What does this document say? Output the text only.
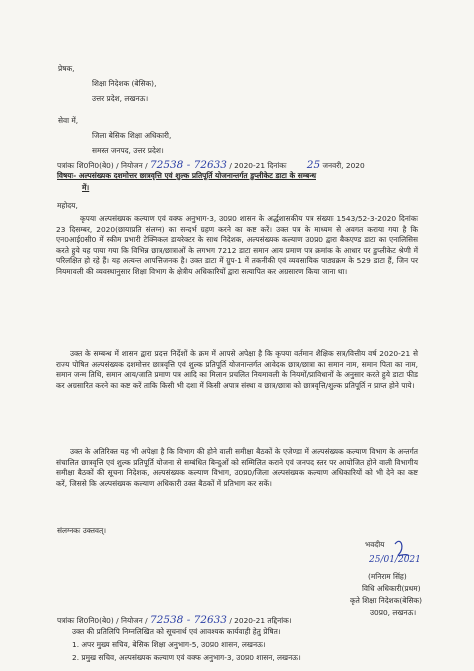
प्रेषक,
शिक्षा निदेशक (बेसिक),
उत्तर प्रदेश, लखनऊ।
सेवा में,
जिला बेसिक शिक्षा अधिकारी,
समस्त जनपद, उत्तर प्रदेश।
पत्रांकः शि0नि0(बे0) / नियोजन / 72538 - 72633 / 2020-21 दिनांकः 25 जनवरी, 2020
विषयः- अल्पसंख्यक दशमोत्तर छात्रवृत्ति एवं शुल्क प्रतिपूर्ति योजनान्तर्गत डुप्लीकेट डाटा के सम्बन्ध
में।
महोदय,
कृपया अल्पसंख्यक कल्याण एवं वक्फ अनुभाग-3, उ0प्र0 शासन के अर्द्धशासकीय पत्र संख्याः 1543/52-3-2020 दिनांकः 23 दिसम्बर, 2020(छायाप्रति संलग्न) का सन्दर्भ ग्रहण करने का कष्ट करें। उक्त पत्र के माध्यम से अवगत कराया गया है कि एन0आई0सी0 में स्कीम प्रभारी टेक्निकल डायरेक्टर के साथ निदेशक, अल्पसंख्यक कल्याण उ0प्र0 द्वारा बैकएण्ड डाटा का एनालिसिस करते हुये यह पाया गया कि विभिन्न छात्र/छात्राओं के लगभग 7212 डाटा समान आय प्रमाण पत्र क्रमांक के आधार पर डुप्लीकेट श्रेणी में परिलक्षित हो रहे हैं। यह अत्यन्त आपत्तिजनक है। उक्त डाटा में ग्रुप-1 में तकनीकी एवं व्यवसायिक पाठ्यक्रम के 529 डाटा हैं, जिन पर नियमावली की व्यवस्थानुसार शिक्षा विभाग के क्षेत्रीय अधिकारियों द्वारा सत्यापित कर अग्रसारण किया जाना था।
उक्त के सम्बन्ध में शासन द्वारा प्रदत्त निर्देशों के क्रम में आपसे अपेक्षा है कि कृपया वर्तमान शैक्षिक सत्र/वित्तीय वर्ष 2020-21 से राज्य पोषित अल्पसंख्यक दशमोत्तर छात्रवृत्ति एवं शुल्क प्रतिपूर्ति योजनान्तर्गत आवेदक छात्र/छात्रा का समान नाम, समान पिता का नाम, समान जन्म तिथि, समान आय/जाति प्रमाण पत्र आदि का मिलान प्रचलित नियमावली के नियमों/प्राविधानों के अनुसार करते हुये डाटा फीड कर अग्रसारित करने का कष्ट करें ताकि किसी भी दशा में किसी अपात्र संस्था व छात्र/छात्रा को छात्रवृत्ति/शुल्क प्रतिपूर्ति न प्राप्त होने पाये।
उक्त के अतिरिक्त यह भी अपेक्षा है कि विभाग की होने वाली समीक्षा बैठकों के एजेण्डा में अल्पसंख्यक कल्याण विभाग के अन्तर्गत संचालित छात्रवृत्ति एवं शुल्क प्रतिपूर्ति योजना से सम्बंधित बिन्दुओं को सम्मिलित कराने एवं जनपद स्तर पर आयोजित होने वाली विभागीय समीक्षा बैठकों की सूचना निदेशक, अल्पसंख्यक कल्याण विभाग, उ0प्र0/जिला अल्पसंख्यक कल्याण अधिकारियों को भी देने का कष्ट करें, जिससे कि अल्पसंख्यक कल्याण अधिकारी उक्त बैठकों में प्रतिभाग कर सकें।
संलग्नकः उक्तवत्।
भवदीय
25/01/2021
(मनिराम सिंह)
विधि अधिकारी(प्रथम)
कृते शिक्षा निदेशक(बेसिक)
उ0प्र0, लखनऊ।
पत्रांकः शि0नि0(बे0) / नियोजन / 72538 - 72633 / 2020-21 तद्दिनांक।
उक्त की प्रतिलिपि निम्नलिखित को सूचनार्थ एवं आवश्यक कार्यवाही हेतु प्रेषित।
1. अपर मुख्य सचिव, बेसिक शिक्षा अनुभाग-5, उ0प्र0 शासन, लखनऊ।
2. प्रमुख सचिव, अल्पसंख्यक कल्याण एवं वक्फ अनुभाग-3, उ0प्र0 शासन, लखनऊ।
